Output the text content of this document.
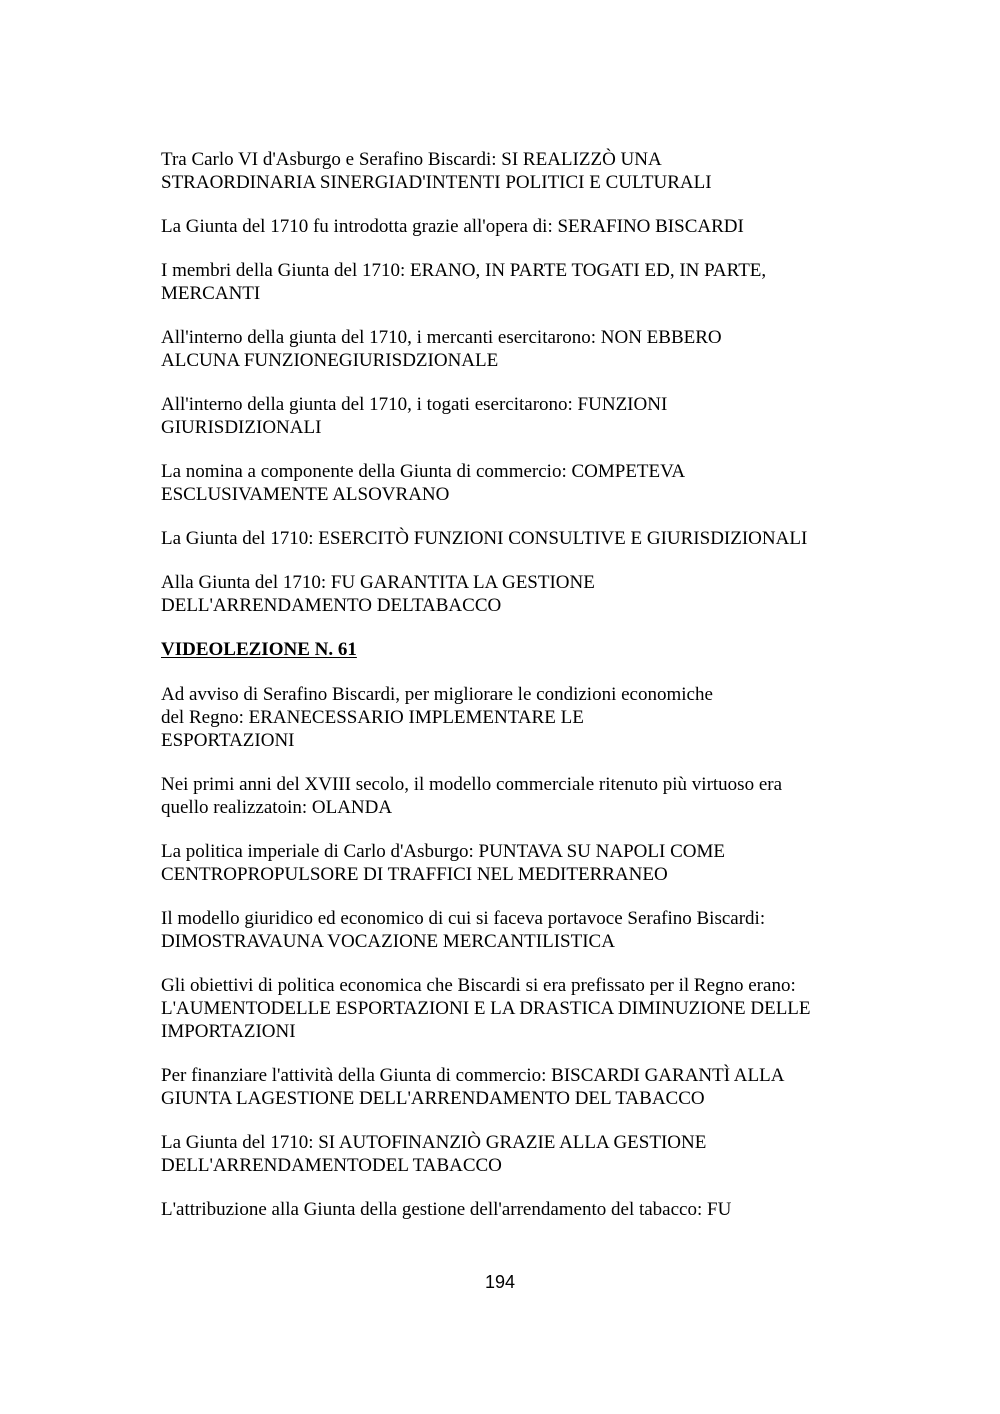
Tra Carlo VI d'Asburgo e Serafino Biscardi: SI REALIZZÒ UNA
STRAORDINARIA SINERGIAD'INTENTI POLITICI E CULTURALI
La Giunta del 1710 fu introdotta grazie all'opera di: SERAFINO BISCARDI
I membri della Giunta del 1710: ERANO, IN PARTE TOGATI ED, IN PARTE,
MERCANTI
All'interno della giunta del 1710, i mercanti esercitarono: NON EBBERO
ALCUNA FUNZIONEGIURISDZIONALE
All'interno della giunta del 1710, i togati esercitarono: FUNZIONI
GIURISDIZIONALI
La nomina a componente della Giunta di commercio: COMPETEVA
ESCLUSIVAMENTE ALSOVRANO
La Giunta del 1710: ESERCITÒ FUNZIONI CONSULTIVE E GIURISDIZIONALI
Alla Giunta del 1710: FU GARANTITA LA GESTIONE
DELL'ARRENDAMENTO DELTABACCO
VIDEOLEZIONE N. 61
Ad avviso di Serafino Biscardi, per migliorare le condizioni economiche
del Regno: ERANECESSARIO IMPLEMENTARE LE
ESPORTAZIONI
Nei primi anni del XVIII secolo, il modello commerciale ritenuto più virtuoso era
quello realizzatoin: OLANDA
La politica imperiale di Carlo d'Asburgo: PUNTAVA SU NAPOLI COME
CENTROPROPULSORE DI TRAFFICI NEL MEDITERRANEO
Il modello giuridico ed economico di cui si faceva portavoce Serafino Biscardi:
DIMOSTRAVAUNA VOCAZIONE MERCANTILISTICA
Gli obiettivi di politica economica che Biscardi si era prefissato per il Regno erano:
L'AUMENTODELLE ESPORTAZIONI E LA DRASTICA DIMINUZIONE DELLE
IMPORTAZIONI
Per finanziare l'attività della Giunta di commercio: BISCARDI GARANTÌ ALLA
GIUNTA LAGESTIONE DELL'ARRENDAMENTO DEL TABACCO
La Giunta del 1710: SI AUTOFINANZIÒ GRAZIE ALLA GESTIONE
DELL'ARRENDAMENTODEL TABACCO
L'attribuzione alla Giunta della gestione dell'arrendamento del tabacco: FU
194
